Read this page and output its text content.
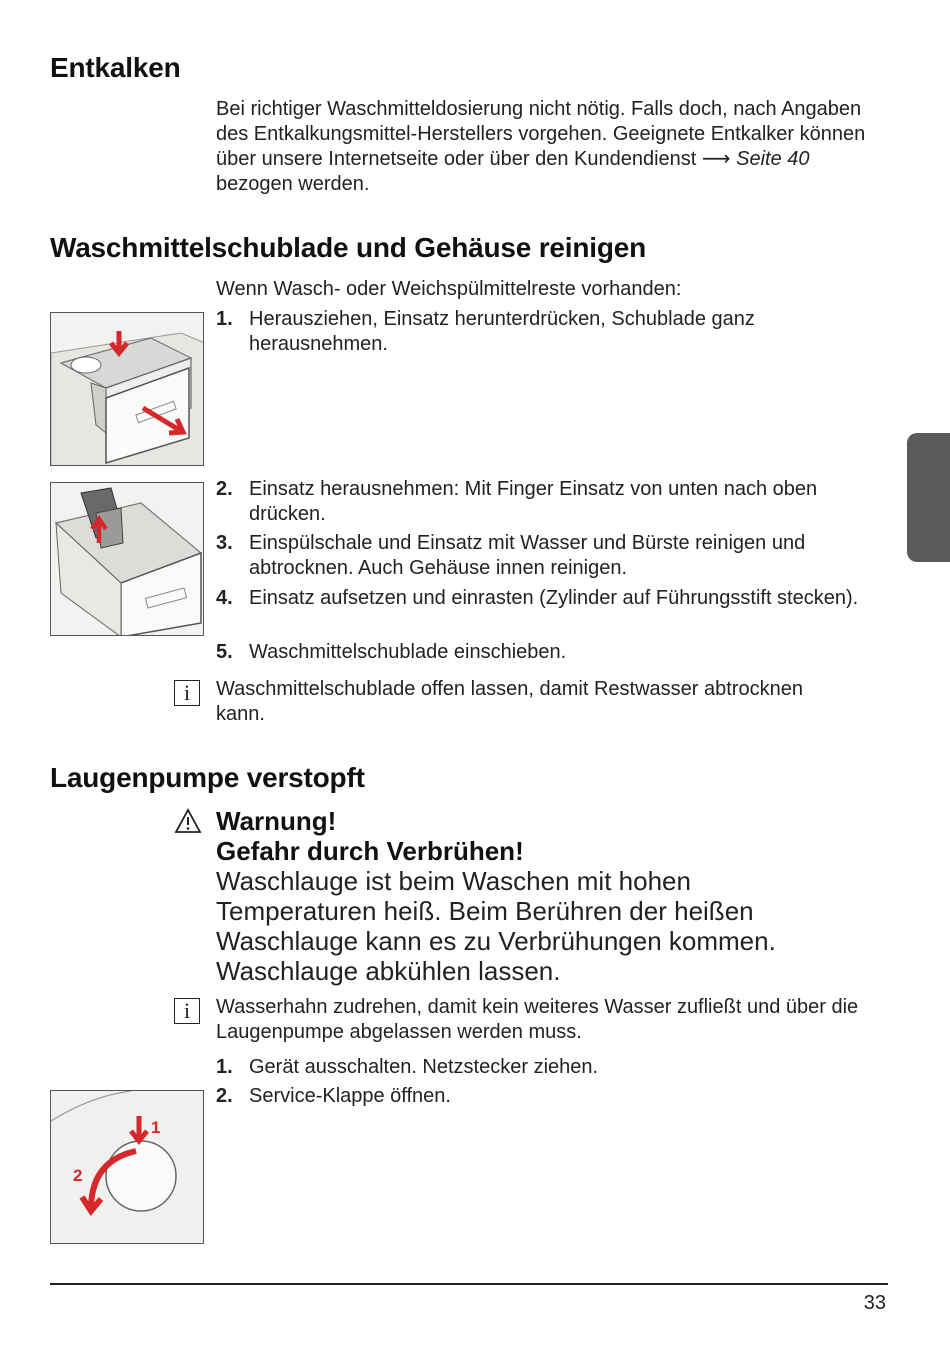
Entkalken
Bei richtiger Waschmitteldosierung nicht nötig. Falls doch, nach Angaben des Entkalkungsmittel-Herstellers vorgehen. Geeignete Entkalker können über unsere Internetseite oder über den Kundendienst ⟶ Seite 40 bezogen werden.
Waschmittelschublade und Gehäuse reinigen
Wenn Wasch- oder Weichspülmittelreste vorhanden:
1. Herausziehen, Einsatz herunterdrücken, Schublade ganz herausnehmen.
2. Einsatz herausnehmen: Mit Finger Einsatz von unten nach oben drücken.
3. Einspülschale und Einsatz mit Wasser und Bürste reinigen und abtrocknen. Auch Gehäuse innen reinigen.
4. Einsatz aufsetzen und einrasten (Zylinder auf Führungsstift stecken).
5. Waschmittelschublade einschieben.
i	Waschmittelschublade offen lassen, damit Restwasser abtrocknen kann.
Laugenpumpe verstopft
Warnung!
Gefahr durch Verbrühen!
Waschlauge ist beim Waschen mit hohen Temperaturen heiß. Beim Berühren der heißen Waschlauge kann es zu Verbrühungen kommen. Waschlauge abkühlen lassen.
i	Wasserhahn zudrehen, damit kein weiteres Wasser zufließt und über die Laugenpumpe abgelassen werden muss.
1. Gerät ausschalten. Netzstecker ziehen.
2. Service-Klappe öffnen.
1
2
33
